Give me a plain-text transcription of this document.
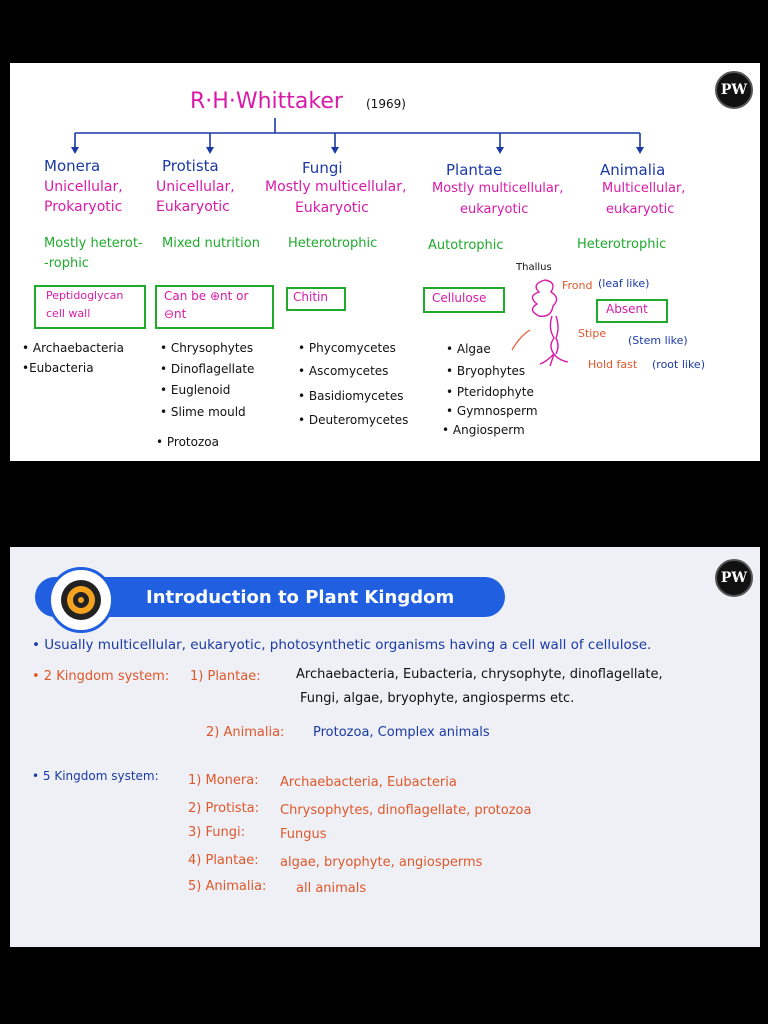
PW
R·H·Whittaker (1969)
Monera
Unicellular,
Prokaryotic
Mostly heterot-
-rophic
Peptidoglycan
cell wall
• Archaebacteria
•Eubacteria
Protista
Unicellular,
Eukaryotic
Mixed nutrition
Can be ⊕nt or
⊖nt
• Chrysophytes
• Dinoflagellate
• Euglenoid
• Slime mould
• Protozoa
Fungi
Mostly multicellular,
Eukaryotic
Heterotrophic
Chitin
• Phycomycetes
• Ascomycetes
• Basidiomycetes
• Deuteromycetes
Plantae
Mostly multicellular,
eukaryotic
Autotrophic
Cellulose
• Algae
• Bryophytes
• Pteridophyte
• Gymnosperm
• Angiosperm
Animalia
Multicellular,
eukaryotic
Heterotrophic
Absent
Thallus
Frond (leaf like)
Stipe
(Stem like)
Hold fast (root like)
PW
Introduction to Plant Kingdom
• Usually multicellular, eukaryotic, photosynthetic organisms having a cell wall of cellulose.
• 2 Kingdom system: 1) Plantae:	Archaebacteria, Eubacteria, chrysophyte, dinoflagellate,
Fungi, algae, bryophyte, angiosperms etc.
2) Animalia: Protozoa, Complex animals
• 5 Kingdom system: 1) Monera: Archaebacteria, Eubacteria
2) Protista: Chrysophytes, dinoflagellate, protozoa
3) Fungi:	Fungus
4) Plantae: algae, bryophyte, angiosperms
5) Animalia: all animals
